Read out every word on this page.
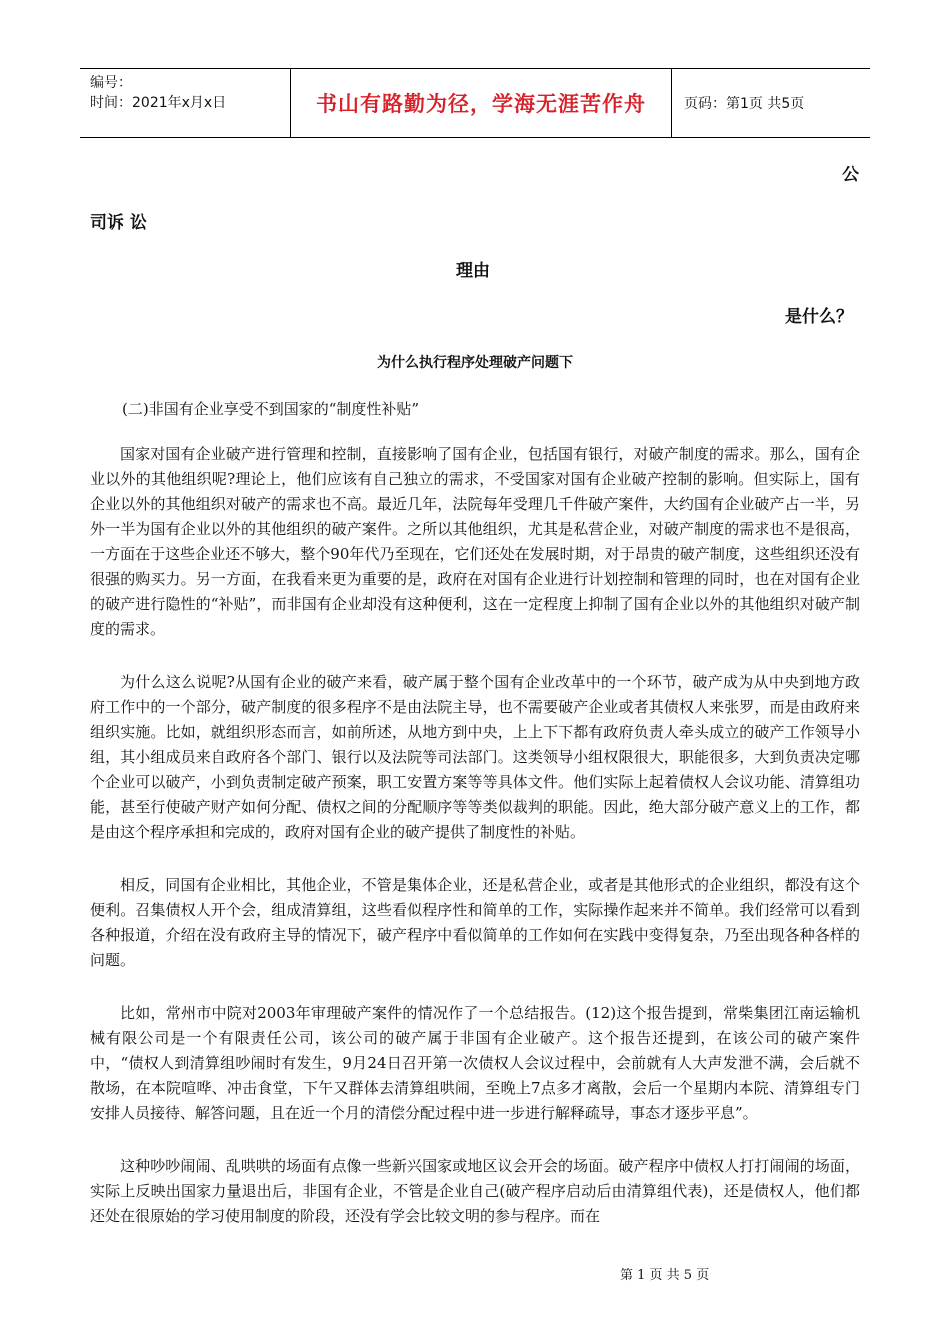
编号：
时间：2021年x月x日	书山有路勤为径，学海无涯苦作舟	页码：第1页 共5页
公
司诉 讼
理由
是什么？
为什么执行程序处理破产问题下
(二)非国有企业享受不到国家的“制度性补贴”

国家对国有企业破产进行管理和控制，直接影响了国有企业，包括国有银行，对破产制度的需求。那么，国有企业以外的其他组织呢?理论上，他们应该有自己独立的需求，不受国家对国有企业破产控制的影响。但实际上，国有企业以外的其他组织对破产的需求也不高。最近几年，法院每年受理几千件破产案件，大约国有企业破产占一半，另外一半为国有企业以外的其他组织的破产案件。之所以其他组织，尤其是私营企业，对破产制度的需求也不是很高，一方面在于这些企业还不够大，整个90年代乃至现在，它们还处在发展时期，对于昂贵的破产制度，这些组织还没有很强的购买力。另一方面，在我看来更为重要的是，政府在对国有企业进行计划控制和管理的同时，也在对国有企业的破产进行隐性的“补贴”，而非国有企业却没有这种便利，这在一定程度上抑制了国有企业以外的其他组织对破产制度的需求。

为什么这么说呢?从国有企业的破产来看，破产属于整个国有企业改革中的一个环节，破产成为从中央到地方政府工作中的一个部分，破产制度的很多程序不是由法院主导，也不需要破产企业或者其债权人来张罗，而是由政府来组织实施。比如，就组织形态而言，如前所述，从地方到中央，上上下下都有政府负责人牵头成立的破产工作领导小组，其小组成员来自政府各个部门、银行以及法院等司法部门。这类领导小组权限很大，职能很多，大到负责决定哪个企业可以破产，小到负责制定破产预案，职工安置方案等等具体文件。他们实际上起着债权人会议功能、清算组功能，甚至行使破产财产如何分配、债权之间的分配顺序等等类似裁判的职能。因此，绝大部分破产意义上的工作，都是由这个程序承担和完成的，政府对国有企业的破产提供了制度性的补贴。

相反，同国有企业相比，其他企业，不管是集体企业，还是私营企业，或者是其他形式的企业组织，都没有这个便利。召集债权人开个会，组成清算组，这些看似程序性和简单的工作，实际操作起来并不简单。我们经常可以看到各种报道，介绍在没有政府主导的情况下，破产程序中看似简单的工作如何在实践中变得复杂，乃至出现各种各样的问题。

比如，常州市中院对2003年审理破产案件的情况作了一个总结报告。(12)这个报告提到，常柴集团江南运输机械有限公司是一个有限责任公司，该公司的破产属于非国有企业破产。这个报告还提到，在该公司的破产案件中，“债权人到清算组吵闹时有发生，9月24日召开第一次债权人会议过程中，会前就有人大声发泄不满，会后就不散场，在本院喧哗、冲击食堂，下午又群体去清算组哄闹，至晚上7点多才离散，会后一个星期内本院、清算组专门安排人员接待、解答问题，且在近一个月的清偿分配过程中进一步进行解释疏导，事态才逐步平息”。

这种吵吵闹闹、乱哄哄的场面有点像一些新兴国家或地区议会开会的场面。破产程序中债权人打打闹闹的场面，实际上反映出国家力量退出后，非国有企业，不管是企业自己(破产程序启动后由清算组代表)，还是债权人，他们都还处在很原始的学习使用制度的阶段，还没有学会比较文明的参与程序。而在

第 1 页 共 5 页
